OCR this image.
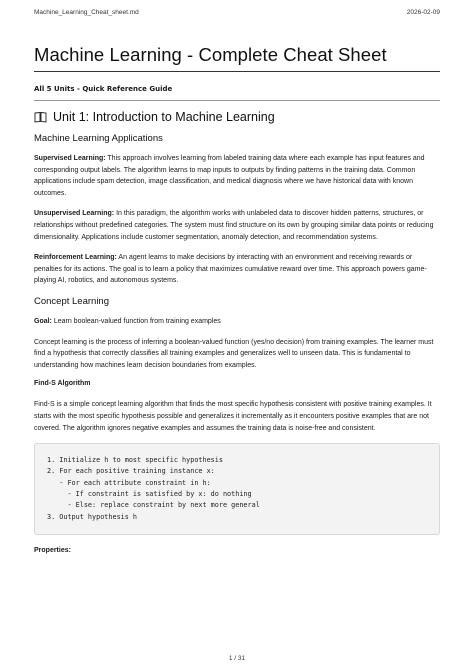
Machine_Learning_Cheat_sheet.md	2026-02-09
Machine Learning - Complete Cheat Sheet
All 5 Units - Quick Reference Guide
Unit 1: Introduction to Machine Learning
Machine Learning Applications

Supervised Learning: This approach involves learning from labeled training data where each example has input features and corresponding output labels. The algorithm learns to map inputs to outputs by finding patterns in the training data. Common applications include spam detection, image classification, and medical diagnosis where we have historical data with known outcomes.

Unsupervised Learning: In this paradigm, the algorithm works with unlabeled data to discover hidden patterns, structures, or relationships without predefined categories. The system must find structure on its own by grouping similar data points or reducing dimensionality. Applications include customer segmentation, anomaly detection, and recommendation systems.

Reinforcement Learning: An agent learns to make decisions by interacting with an environment and receiving rewards or penalties for its actions. The goal is to learn a policy that maximizes cumulative reward over time. This approach powers game-playing AI, robotics, and autonomous systems.

Concept Learning

Goal: Learn boolean-valued function from training examples

Concept learning is the process of inferring a boolean-valued function (yes/no decision) from training examples. The learner must find a hypothesis that correctly classifies all training examples and generalizes well to unseen data. This is fundamental to understanding how machines learn decision boundaries from examples.

Find-S Algorithm

Find-S is a simple concept learning algorithm that finds the most specific hypothesis consistent with positive training examples. It starts with the most specific hypothesis possible and generalizes it incrementally as it encounters positive examples that are not covered. The algorithm ignores negative examples and assumes the training data is noise-free and consistent.

1. Initialize h to most specific hypothesis
2. For each positive training instance x:
- For each attribute constraint in h:
- If constraint is satisfied by x: do nothing
- Else: replace constraint by next more general
3. Output hypothesis h
Properties:
1 / 31
